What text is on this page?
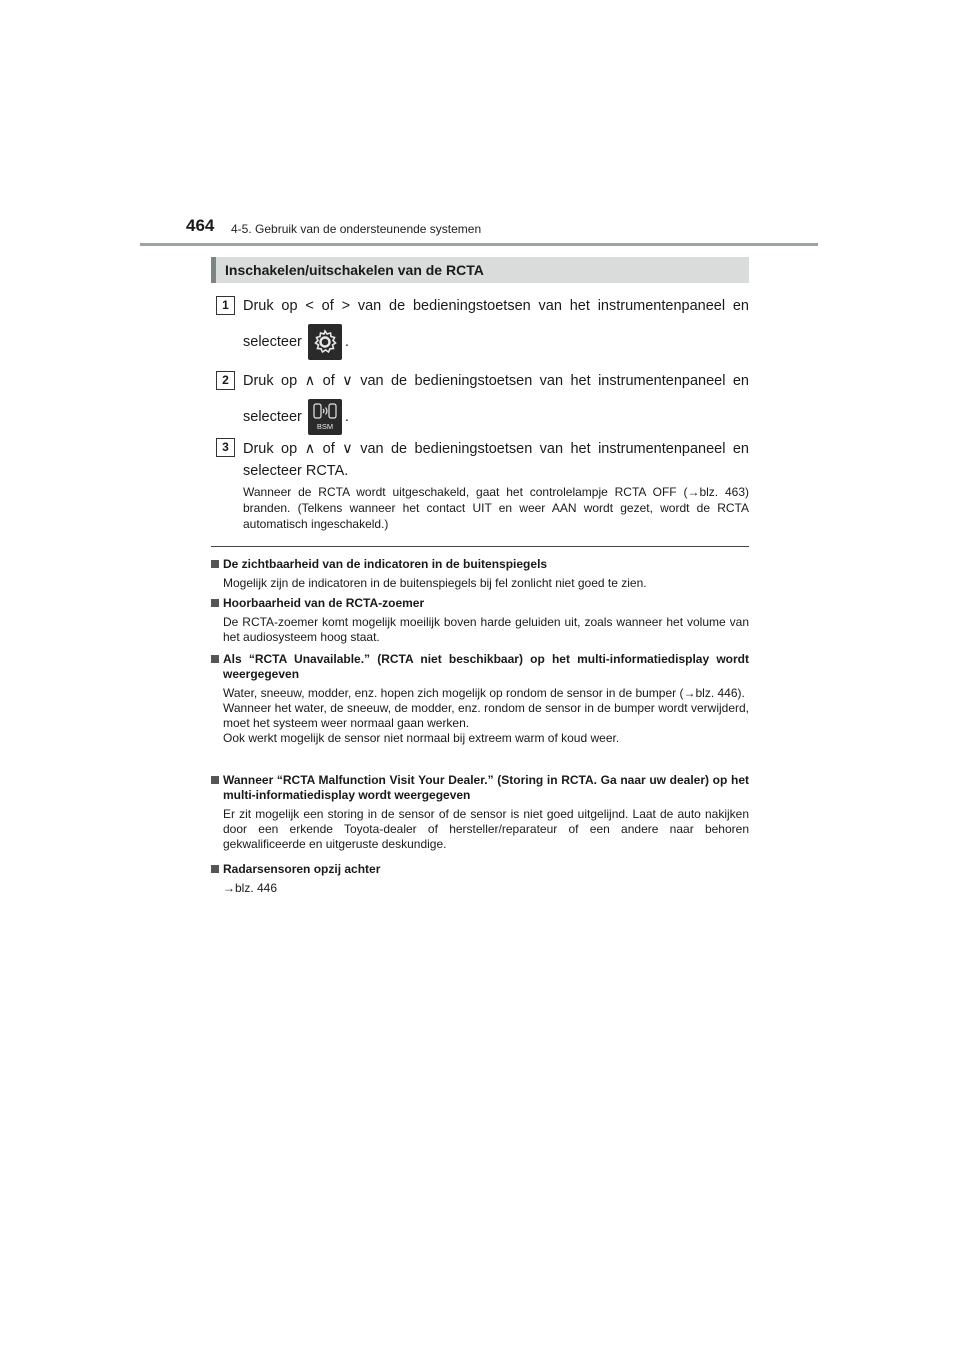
464 4-5. Gebruik van de ondersteunende systemen
Inschakelen/uitschakelen van de RCTA
1 Druk op < of > van de bedieningstoetsen van het instrumentenpaneel en
selecteer	.
2 Druk op ∧ of ∨ van de bedieningstoetsen van het instrumentenpaneel en
selecteer
BSM
.
3 Druk op ∧ of ∨ van de bedieningstoetsen van het instrumentenpaneel en
selecteer RCTA.
Wanneer de RCTA wordt uitgeschakeld, gaat het controlelampje RCTA OFF (→blz. 463) branden. (Telkens wanneer het contact UIT en weer AAN wordt gezet, wordt de RCTA automatisch ingeschakeld.)
De zichtbaarheid van de indicatoren in de buitenspiegels
Mogelijk zijn de indicatoren in de buitenspiegels bij fel zonlicht niet goed te zien.
Hoorbaarheid van de RCTA-zoemer
De RCTA-zoemer komt mogelijk moeilijk boven harde geluiden uit, zoals wanneer het volume van het audiosysteem hoog staat.
Als “RCTA Unavailable.” (RCTA niet beschikbaar) op het multi-informatiedisplay wordt weergegeven
Water, sneeuw, modder, enz. hopen zich mogelijk op rondom de sensor in de bumper (→blz. 446).
Wanneer het water, de sneeuw, de modder, enz. rondom de sensor in de bumper wordt verwijderd, moet het systeem weer normaal gaan werken.
Ook werkt mogelijk de sensor niet normaal bij extreem warm of koud weer.
Wanneer “RCTA Malfunction Visit Your Dealer.” (Storing in RCTA. Ga naar uw dealer) op het multi-informatiedisplay wordt weergegeven
Er zit mogelijk een storing in de sensor of de sensor is niet goed uitgelijnd. Laat de auto nakijken door een erkende Toyota-dealer of hersteller/reparateur of een andere naar behoren gekwalificeerde en uitgeruste deskundige.
Radarsensoren opzij achter
→blz. 446
